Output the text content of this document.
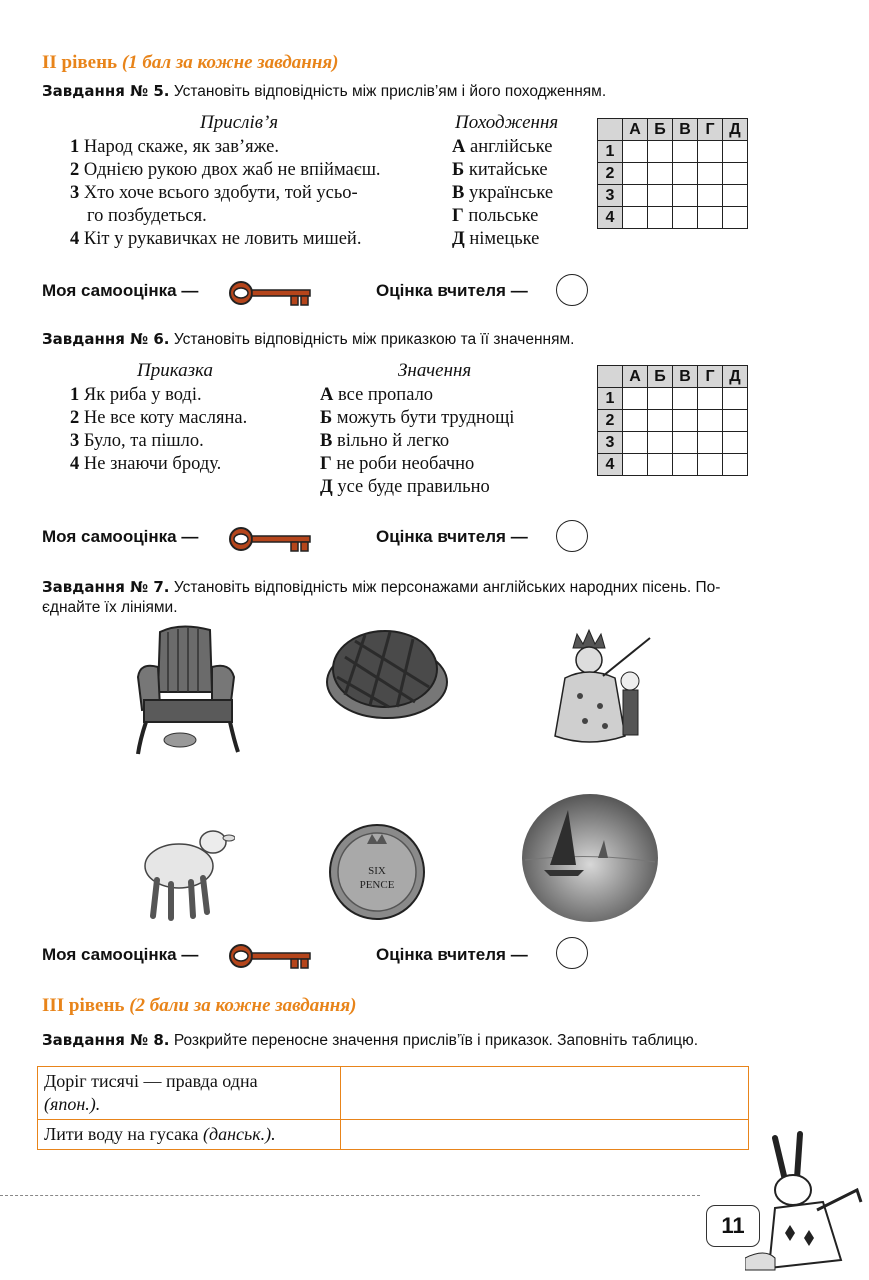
II рівень (1 бал за кожне завдання)
Завдання № 5. Установіть відповідність між прислів’ям і його походженням.
Прислів’я	Походження
1 Народ скаже, як зав’яже.
2 Однією рукою двох жаб не впіймаєш.
3 Хто хоче всього здобути, той усьо-
го позбудеться.
4 Кіт у рукавичках не ловить мишей.
А англійське
Б китайське
В українське
Г польське
Д німецьке
	А	Б	В	Г	Д
1					
2					
3					
4					
Моя самооцінка —	Оцінка вчителя —
Завдання № 6. Установіть відповідність між приказкою та її значенням.
Приказка	Значення
1 Як риба у воді.
2 Не все коту масляна.
3 Було, та пішло.
4 Не знаючи броду.
А все пропало
Б можуть бути труднощі
В вільно й легко
Г не роби необачно
Д усе буде правильно
	А	Б	В	Г	Д
1					
2					
3					
4					
Моя самооцінка —	Оцінка вчителя —
Завдання № 7. Установіть відповідність між персонажами англійських народних пісень. По-
єднайте їх лініями.
SIX
PENCE
Моя самооцінка —	Оцінка вчителя —
III рівень (2 бали за кожне завдання)
Завдання № 8. Розкрийте переносне значення прислів’їв і приказок. Заповніть таблицю.
Доріг тисячі — правда одна
(япон.).	
Лити воду на гусака (данськ.).	
11
